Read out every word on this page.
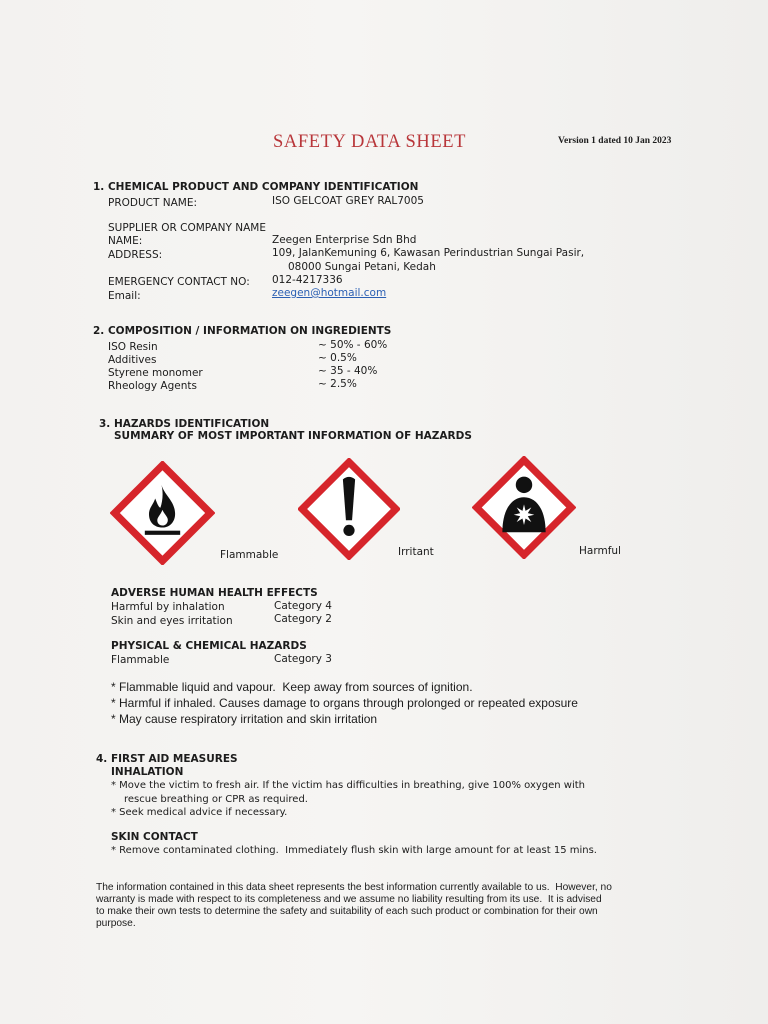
SAFETY DATA SHEET	Version 1 dated 10 Jan 2023
1. CHEMICAL PRODUCT AND COMPANY IDENTIFICATION
PRODUCT NAME:	ISO GELCOAT GREY RAL7005
SUPPLIER OR COMPANY NAME
NAME:	Zeegen Enterprise Sdn Bhd
ADDRESS:	109, JalanKemuning 6, Kawasan Perindustrian Sungai Pasir,
08000 Sungai Petani, Kedah
EMERGENCY CONTACT NO: 012-4217336
Email:	zeegen@hotmail.com
2. COMPOSITION / INFORMATION ON INGREDIENTS
ISO Resin	~ 50% - 60%
Additives	~ 0.5%
Styrene monomer	~ 35 - 40%
Rheology Agents	~ 2.5%
3. HAZARDS IDENTIFICATION
SUMMARY OF MOST IMPORTANT INFORMATION OF HAZARDS
Flammable	Irritant	Harmful
ADVERSE HUMAN HEALTH EFFECTS
Harmful by inhalation	Category 4
Skin and eyes irritation	Category 2
PHYSICAL & CHEMICAL HAZARDS
Flammable	Category 3
* Flammable liquid and vapour.  Keep away from sources of ignition.
* Harmful if inhaled. Causes damage to organs through prolonged or repeated exposure
* May cause respiratory irritation and skin irritation
4. FIRST AID MEASURES
INHALATION
* Move the victim to fresh air. If the victim has difficulties in breathing, give 100% oxygen with
rescue breathing or CPR as required.
* Seek medical advice if necessary.
SKIN CONTACT
* Remove contaminated clothing.  Immediately flush skin with large amount for at least 15 mins.
The information contained in this data sheet represents the best information currently available to us.  However, no
warranty is made with respect to its completeness and we assume no liability resulting from its use.  It is advised
to make their own tests to determine the safety and suitability of each such product or combination for their own
purpose.
